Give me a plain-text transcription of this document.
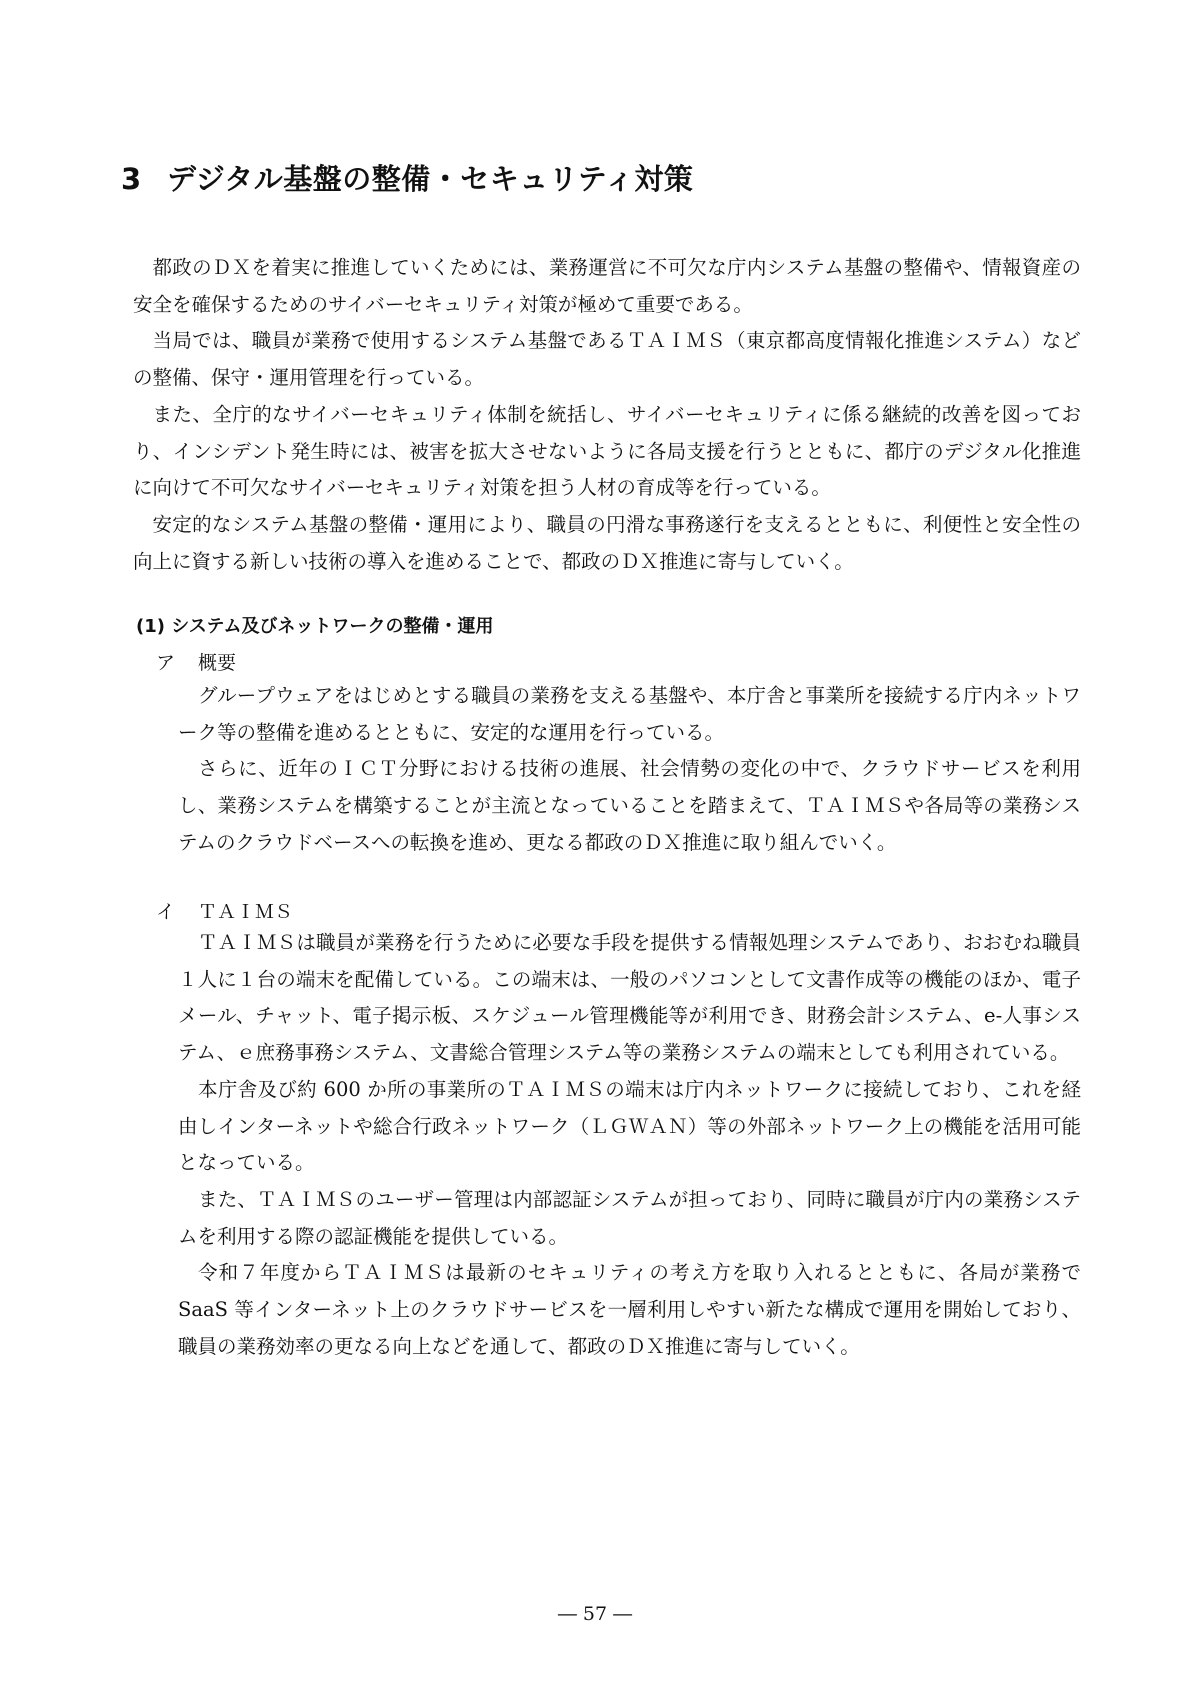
3 デジタル基盤の整備・セキュリティ対策

都政のＤＸを着実に推進していくためには、業務運営に不可欠な庁内システム基盤の整備や、情報資産の安全を確保するためのサイバーセキュリティ対策が極めて重要である。

当局では、職員が業務で使用するシステム基盤であるＴＡＩＭＳ（東京都高度情報化推進システム）などの整備、保守・運用管理を行っている。

また、全庁的なサイバーセキュリティ体制を統括し、サイバーセキュリティに係る継続的改善を図っており、インシデント発生時には、被害を拡大させないように各局支援を行うとともに、都庁のデジタル化推進に向けて不可欠なサイバーセキュリティ対策を担う人材の育成等を行っている。

安定的なシステム基盤の整備・運用により、職員の円滑な事務遂行を支えるとともに、利便性と安全性の向上に資する新しい技術の導入を進めることで、都政のＤＸ推進に寄与していく。

(1) システム及びネットワークの整備・運用
ア 概要

グループウェアをはじめとする職員の業務を支える基盤や、本庁舎と事業所を接続する庁内ネットワーク等の整備を進めるとともに、安定的な運用を行っている。

さらに、近年のＩＣＴ分野における技術の進展、社会情勢の変化の中で、クラウドサービスを利用し、業務システムを構築することが主流となっていることを踏まえて、ＴＡＩＭＳや各局等の業務システムのクラウドベースへの転換を進め、更なる都政のＤＸ推進に取り組んでいく。

イ ＴＡＩＭＳ

ＴＡＩＭＳは職員が業務を行うために必要な手段を提供する情報処理システムであり、おおむね職員１人に１台の端末を配備している。この端末は、一般のパソコンとして文書作成等の機能のほか、電子メール、チャット、電子掲示板、スケジュール管理機能等が利用でき、財務会計システム、e-人事システム、ｅ庶務事務システム、文書総合管理システム等の業務システムの端末としても利用されている。

本庁舎及び約 600 か所の事業所のＴＡＩＭＳの端末は庁内ネットワークに接続しており、これを経由しインターネットや総合行政ネットワーク（ＬＧＷＡＮ）等の外部ネットワーク上の機能を活用可能となっている。

また、ＴＡＩＭＳのユーザー管理は内部認証システムが担っており、同時に職員が庁内の業務システムを利用する際の認証機能を提供している。

令和７年度からＴＡＩＭＳは最新のセキュリティの考え方を取り入れるとともに、各局が業務で SaaS 等インターネット上のクラウドサービスを一層利用しやすい新たな構成で運用を開始しており、職員の業務効率の更なる向上などを通して、都政のＤＸ推進に寄与していく。

― 57 ―
